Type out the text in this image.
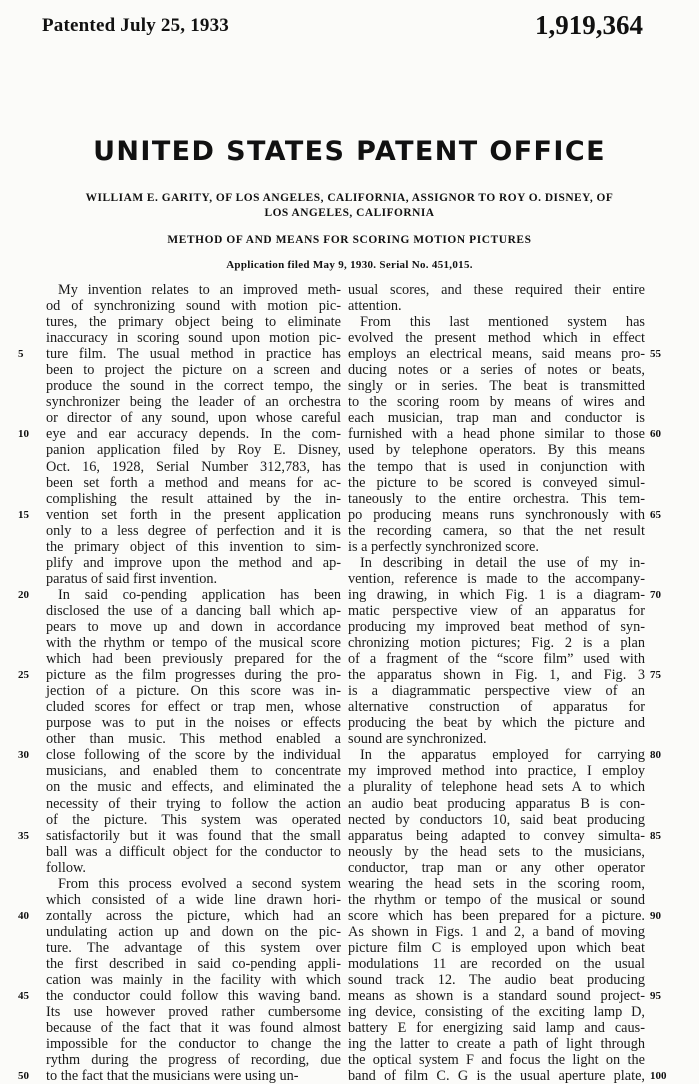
Patented July 25, 1933	1,919,364
UNITED STATES PATENT OFFICE
WILLIAM E. GARITY, OF LOS ANGELES, CALIFORNIA, ASSIGNOR TO ROY O. DISNEY, OF
LOS ANGELES, CALIFORNIA
METHOD OF AND MEANS FOR SCORING MOTION PICTURES
Application filed May 9, 1930. Serial No. 451,015.
My invention relates to an improved meth-
od of synchronizing sound with motion pic-
tures, the primary object being to eliminate
inaccuracy in scoring sound upon motion pic-
ture film. The usual method in practice has
been to project the picture on a screen and
produce the sound in the correct tempo, the
synchronizer being the leader of an orchestra
or director of any sound, upon whose careful
eye and ear accuracy depends. In the com-
panion application filed by Roy E. Disney,
Oct. 16, 1928, Serial Number 312,783, has
been set forth a method and means for ac-
complishing the result attained by the in-
vention set forth in the present application
only to a less degree of perfection and it is
the primary object of this invention to sim-
plify and improve upon the method and ap-
paratus of said first invention.
In said co-pending application has been
disclosed the use of a dancing ball which ap-
pears to move up and down in accordance
with the rhythm or tempo of the musical score
which had been previously prepared for the
picture as the film progresses during the pro-
jection of a picture. On this score was in-
cluded scores for effect or trap men, whose
purpose was to put in the noises or effects
other than music. This method enabled a
close following of the score by the individual
musicians, and enabled them to concentrate
on the music and effects, and eliminated the
necessity of their trying to follow the action
of the picture. This system was operated
satisfactorily but it was found that the small
ball was a difficult object for the conductor to
follow.
From this process evolved a second system
which consisted of a wide line drawn hori-
zontally across the picture, which had an
undulating action up and down on the pic-
ture. The advantage of this system over
the first described in said co-pending appli-
cation was mainly in the facility with which
the conductor could follow this waving band.
Its use however proved rather cumbersome
because of the fact that it was found almost
impossible for the conductor to change the
rythm during the progress of recording, due
to the fact that the musicians were using un-
usual scores, and these required their entire
attention.
From this last mentioned system has
evolved the present method which in effect
employs an electrical means, said means pro-
ducing notes or a series of notes or beats,
singly or in series. The beat is transmitted
to the scoring room by means of wires and
each musician, trap man and conductor is
furnished with a head phone similar to those
used by telephone operators. By this means
the tempo that is used in conjunction with
the picture to be scored is conveyed simul-
taneously to the entire orchestra. This tem-
po producing means runs synchronously with
the recording camera, so that the net result
is a perfectly synchronized score.
In describing in detail the use of my in-
vention, reference is made to the accompany-
ing drawing, in which Fig. 1 is a diagram-
matic perspective view of an apparatus for
producing my improved beat method of syn-
chronizing motion pictures; Fig. 2 is a plan
of a fragment of the “score film” used with
the apparatus shown in Fig. 1, and Fig. 3
is a diagrammatic perspective view of an
alternative construction of apparatus for
producing the beat by which the picture and
sound are synchronized.
In the apparatus employed for carrying
my improved method into practice, I employ
a plurality of telephone head sets A to which
an audio beat producing apparatus B is con-
nected by conductors 10, said beat producing
apparatus being adapted to convey simulta-
neously by the head sets to the musicians,
conductor, trap man or any other operator
wearing the head sets in the scoring room,
the rhythm or tempo of the musical or sound
score which has been prepared for a picture.
As shown in Figs. 1 and 2, a band of moving
picture film C is employed upon which beat
modulations 11 are recorded on the usual
sound track 12. The audio beat producing
means as shown is a standard sound project-
ing device, consisting of the exciting lamp D,
battery E for energizing said lamp and caus-
ing the latter to create a path of light through
the optical system F and focus the light on the
band of film C. G is the usual aperture plate,
5
10
15
20
25
30
35
40
45
50
55
60
65
70
75
80
85
90
95
100
